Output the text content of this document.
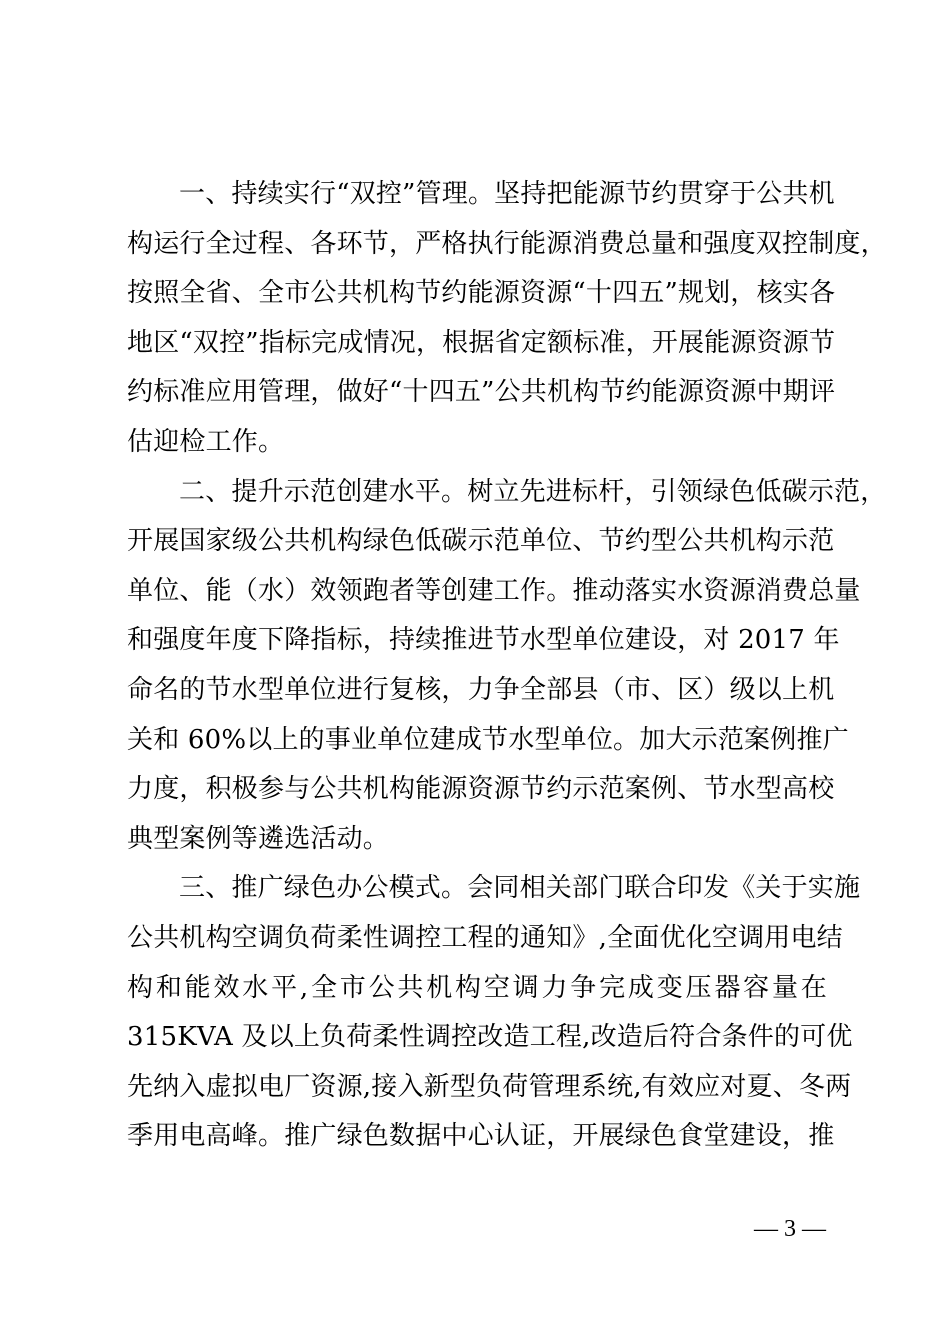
一、持续实行“双控”管理。坚持把能源节约贯穿于公共机
构运行全过程、各环节，严格执行能源消费总量和强度双控制度，
按照全省、全市公共机构节约能源资源“十四五”规划，核实各
地区“双控”指标完成情况，根据省定额标准，开展能源资源节
约标准应用管理，做好“十四五”公共机构节约能源资源中期评
估迎检工作。
二、提升示范创建水平。树立先进标杆，引领绿色低碳示范，
开展国家级公共机构绿色低碳示范单位、节约型公共机构示范
单位、能（水）效领跑者等创建工作。推动落实水资源消费总量
和强度年度下降指标，持续推进节水型单位建设，对 2017 年
命名的节水型单位进行复核，力争全部县（市、区）级以上机
关和 60%以上的事业单位建成节水型单位。加大示范案例推广
力度，积极参与公共机构能源资源节约示范案例、节水型高校
典型案例等遴选活动。
三、推广绿色办公模式。会同相关部门联合印发《关于实施
公共机构空调负荷柔性调控工程的通知》,全面优化空调用电结
构和能效水平,全市公共机构空调力争完成变压器容量在
315KVA 及以上负荷柔性调控改造工程,改造后符合条件的可优
先纳入虚拟电厂资源,接入新型负荷管理系统,有效应对夏、冬两
季用电高峰。推广绿色数据中心认证，开展绿色食堂建设，推
— 3 —
